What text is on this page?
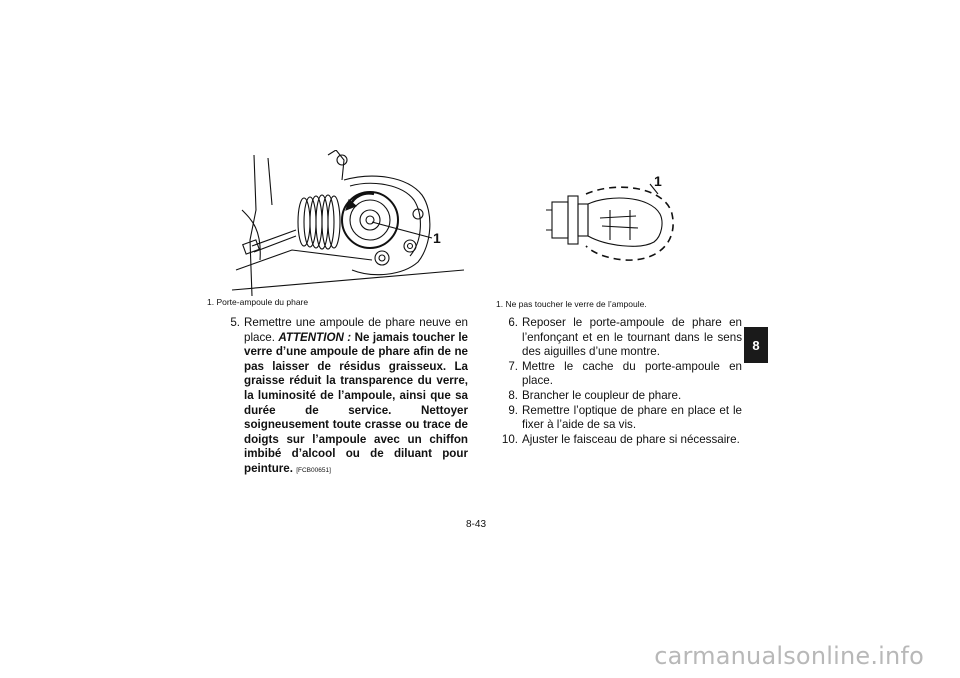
1
1. Porte-ampoule du phare
1
1. Ne pas toucher le verre de l’ampoule.

5. Remettre une ampoule de phare neuve en place. ATTENTION : Ne jamais toucher le verre d’une ampoule de phare afin de ne pas laisser de résidus graisseux. La graisse réduit la transparence du verre, la luminosité de l’ampoule, ainsi que sa durée de service. Nettoyer soigneusement toute crasse ou trace de doigts sur l’ampoule avec un chiffon imbibé d’alcool ou de diluant pour peinture. [FCB00651]

6. Reposer le porte-ampoule de phare en l’enfonçant et en le tournant dans le sens des aiguilles d’une montre.

7. Mettre le cache du porte-ampoule en place.

8. Brancher le coupleur de phare.

9. Remettre l’optique de phare en place et le fixer à l’aide de sa vis.

10. Ajuster le faisceau de phare si nécessaire.

8
8-43
carmanualsonline.info
